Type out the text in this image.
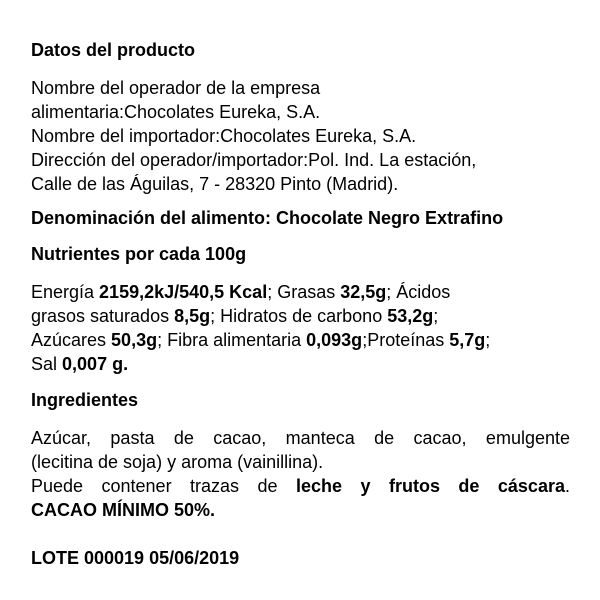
Datos del producto

Nombre del operador de la empresa
alimentaria:Chocolates Eureka, S.A.
Nombre del importador:Chocolates Eureka, S.A.
Dirección del operador/importador:Pol. Ind. La estación,
Calle de las Águilas, 7 - 28320 Pinto (Madrid).

Denominación del alimento: Chocolate Negro Extrafino

Nutrientes por cada 100g

Energía 2159,2kJ/540,5 Kcal; Grasas 32,5g; Ácidos
grasos saturados 8,5g; Hidratos de carbono 53,2g;
Azúcares 50,3g; Fibra alimentaria 0,093g;Proteínas 5,7g;
Sal 0,007 g.

Ingredientes

Azúcar, pasta de cacao, manteca de cacao, emulgente
(lecitina de soja) y aroma (vainillina).
Puede contener trazas de leche y frutos de cáscara.
CACAO MÍNIMO 50%.

LOTE 000019 05/06/2019
